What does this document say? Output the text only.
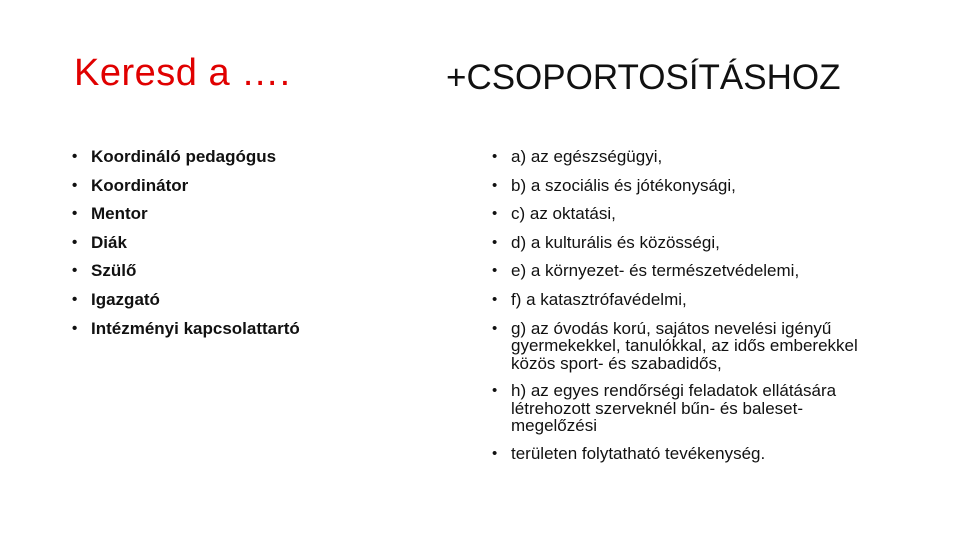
Keresd a ….
• Koordináló pedagógus
• Koordinátor
• Mentor
• Diák
• Szülő
• Igazgató
• Intézményi kapcsolattartó
+CSOPORTOSÍTÁSHOZ
• a) az egészségügyi,
• b) a szociális és jótékonysági,
• c) az oktatási,
• d) a kulturális és közösségi,
• e) a környezet- és természetvédelemi,
• f) a katasztrófavédelmi,
• g) az óvodás korú, sajátos nevelési igényű gyermekekkel, tanulókkal, az idős emberekkel közös sport- és szabadidős,
• h) az egyes rendőrségi feladatok ellátására létrehozott szerveknél bűn- és baleset-megelőzési
• területen folytatható tevékenység.
